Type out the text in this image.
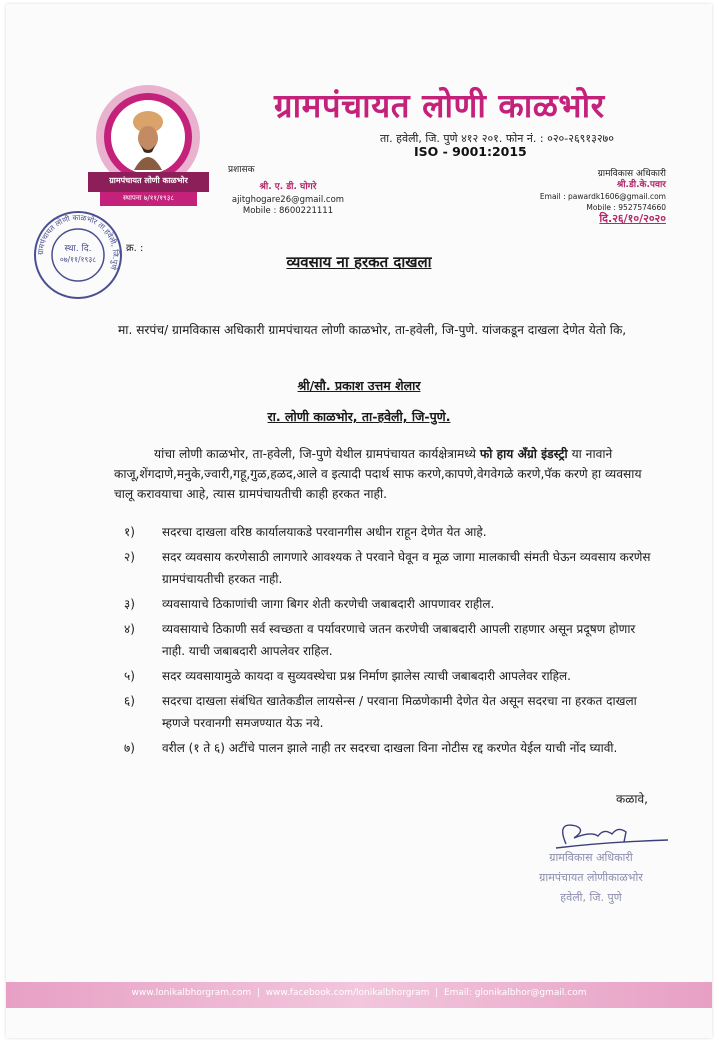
ग्रामपंचायत लोणी काळभोर
स्थापना ७/११/१९३८
ग्रामपंचायत लोणी काळभोर
ता. हवेली, जि. पुणे ४१२ २०१. फोन नं. : ०२०-२६९१३२७०
ISO - 9001:2015
प्रशासक
श्री. ए. डी. घोगरे
ajitghogare26@gmail.com
Mobile : 8600221111
ग्रामविकास अधिकारी
श्री.डी.के.पवार
Email : pawardk1606@gmail.com
Mobile : 9527574660
दि.२६/१०/२०२०
ग्रामपंचायत लोणी काळभोर ता.हवेली, जि.पुणे
स्था. दि.
०७/११/१९३८
क्र. :
व्यवसाय ना हरकत दाखला
मा. सरपंच/ ग्रामविकास अधिकारी ग्रामपंचायत लोणी काळभोर, ता-हवेली, जि-पुणे. यांजकडून दाखला देणेत येतो कि,
श्री/सौ. प्रकाश उत्तम शेलार
रा. लोणी काळभोर, ता-हवेली, जि-पुणे.
यांचा लोणी काळभोर, ता-हवेली, जि-पुणे येथील ग्रामपंचायत कार्यक्षेत्रामध्ये फो हाय अँग्रो इंडस्ट्री या नावाने काजू,शेंगदाणे,मनुके,ज्वारी,गहू,गुळ,हळद,आले व इत्यादी पदार्थ साफ करणे,कापणे,वेगवेगळे करणे,पॅक करणे हा व्यवसाय चालू करावयाचा आहे, त्यास ग्रामपंचायतीची काही हरकत नाही.
१) सदरचा दाखला वरिष्ठ कार्यालयाकडे परवानगीस अधीन राहून देणेत येत आहे.
२) सदर व्यवसाय करणेसाठी लागणारे आवश्यक ते परवाने घेवून व मूळ जागा मालकाची संमती घेऊन व्यवसाय करणेस ग्रामपंचायतीची हरकत नाही.
३) व्यवसायाचे ठिकाणांची जागा बिगर शेती करणेची जबाबदारी आपणावर राहील.
४) व्यवसायाचे ठिकाणी सर्व स्वच्छता व पर्यावरणाचे जतन करणेची जबाबदारी आपली राहणार असून प्रदूषण होणार नाही. याची जबाबदारी आपलेवर राहिल.
५) सदर व्यवसायामुळे कायदा व सुव्यवस्थेचा प्रश्न निर्माण झालेस त्याची जबाबदारी आपलेवर राहिल.
६) सदरचा दाखला संबंधित खातेकडील लायसेन्स / परवाना मिळणेकामी देणेत येत असून सदरचा ना हरकत दाखला म्हणजे परवानगी समजण्यात येऊ नये.
७) वरील (१ ते ६) अटींचे पालन झाले नाही तर सदरचा दाखला विना नोटीस रद्द करणेत येईल याची नोंद घ्यावी.
कळावे,
ग्रामविकास अधिकारी
ग्रामपंचायत लोणीकाळभोर
हवेली, जि. पुणे
www.lonikalbhorgram.com  |  www.facebook.com/lonikalbhorgram  |  Email: glonikalbhor@gmail.com
